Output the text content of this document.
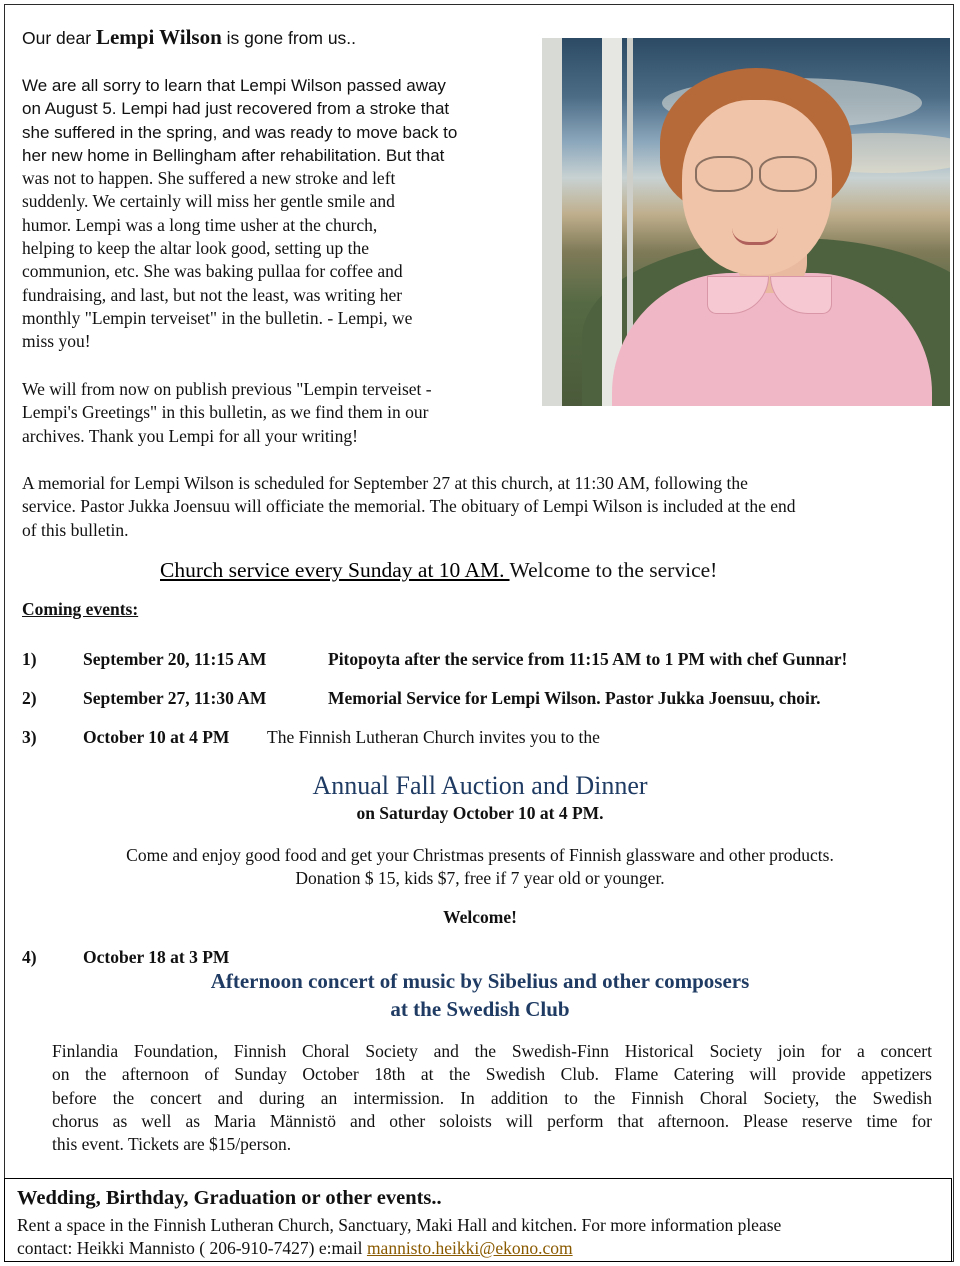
Our dear Lempi Wilson is gone from us..
We are all sorry to learn that Lempi Wilson passed away
on August 5. Lempi had just recovered from a stroke that
she suffered in the spring, and was ready to move back to
her new home in Bellingham after rehabilitation. But that
was not to happen. She suffered a new stroke and left
suddenly. We certainly will miss her gentle smile and
humor. Lempi was a long time usher at the church,
helping to keep the altar look good, setting up the
communion, etc. She was baking pullaa for coffee and
fundraising, and last, but not the least, was writing her
monthly "Lempin terveiset" in the bulletin. - Lempi, we
miss you!
We will from now on publish previous "Lempin terveiset -
Lempi's Greetings" in this bulletin, as we find them in our
archives. Thank you Lempi for all your writing!
A memorial for Lempi Wilson is scheduled for September 27 at this church, at 11:30 AM, following the
service. Pastor Jukka Joensuu will officiate the memorial. The obituary of Lempi Wilson is included at the end
of this bulletin.
Church service every Sunday at 10 AM. Welcome to the service!
Coming events:
1)	September 20, 11:15 AM	Pitopoyta after the service from 11:15 AM to 1 PM with chef Gunnar!
2)	September 27, 11:30 AM	Memorial Service for Lempi Wilson. Pastor Jukka Joensuu, choir.
3)	October 10 at 4 PM The Finnish Lutheran Church invites you to the
Annual Fall Auction and Dinner
on Saturday October 10 at 4 PM.
Come and enjoy good food and get your Christmas presents of Finnish glassware and other products.
Donation $ 15, kids $7, free if 7 year old or younger.
Welcome!
4)	October 18 at 3 PM
Afternoon concert of music by Sibelius and other composers
at the Swedish Club
Finlandia Foundation, Finnish Choral Society and the Swedish-Finn Historical Society join for a concert
on the afternoon of Sunday October 18th at the Swedish Club. Flame Catering will provide appetizers
before the concert and during an intermission. In addition to the Finnish Choral Society, the Swedish
chorus as well as Maria Männistö and other soloists will perform that afternoon. Please reserve time for
this event. Tickets are $15/person.
Wedding, Birthday, Graduation or other events..
Rent a space in the Finnish Lutheran Church, Sanctuary, Maki Hall and kitchen. For more information please
contact: Heikki Mannisto ( 206-910-7427) e:mail mannisto.heikki@ekono.com
